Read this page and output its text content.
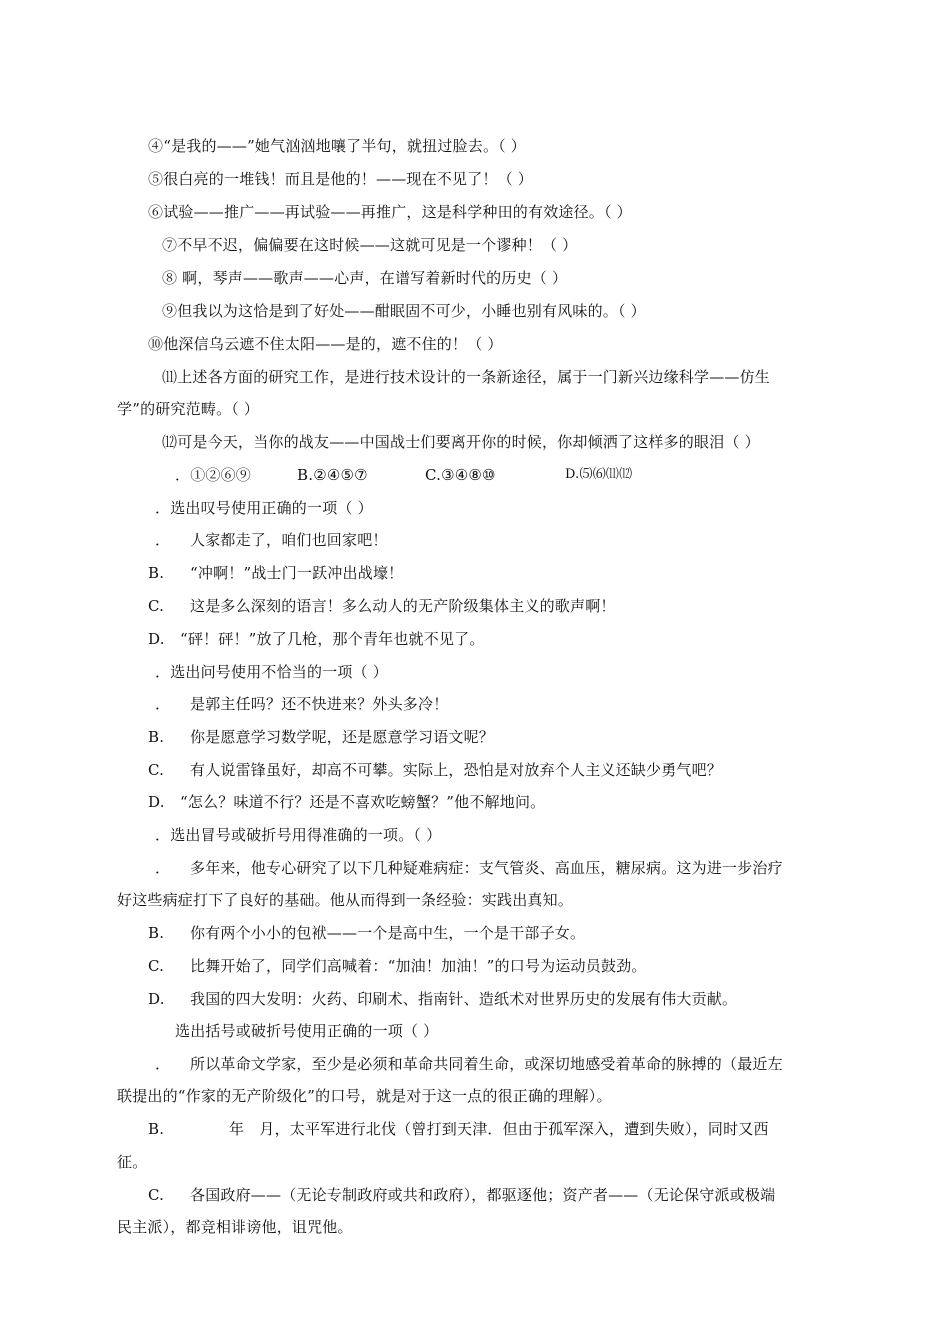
④“是我的——”她气汹汹地嚷了半句，就扭过脸去。（ ）
⑤很白亮的一堆钱！而且是他的！——现在不见了！（ ）
⑥试验——推广——再试验——再推广，这是科学种田的有效途径。（ ）
⑦不早不迟，偏偏要在这时候——这就可见是一个谬种！（ ）
⑧ 啊，琴声——歌声——心声，在谱写着新时代的历史（ ）
⑨但我以为这恰是到了好处——酣眠固不可少，小睡也别有风味的。（ ）
⑩他深信乌云遮不住太阳——是的，遮不住的！（ ）
⑾上述各方面的研究工作，是进行技术设计的一条新途径，属于一门新兴边缘科学——仿生
学”的研究范畴。（ ）
⑿可是今天，当你的战友——中国战士们要离开你的时候，你却倾洒了这样多的眼泪（ ）
．①②⑥⑨	B.②④⑤⑦	C.③④⑧⑩	D.⑸⑹⑾⑿
．选出叹号使用正确的一项（ ）
． 人家都走了，咱们也回家吧！
B. “冲啊！”战士门一跃冲出战壕！
C. 这是多么深刻的语言！多么动人的无产阶级集体主义的歌声啊！
D. “砰！砰！”放了几枪，那个青年也就不见了。
．选出问号使用不恰当的一项（ ）
． 是郭主任吗？还不快进来？外头多冷！
B. 你是愿意学习数学呢，还是愿意学习语文呢？
C. 有人说雷锋虽好，却高不可攀。实际上，恐怕是对放弃个人主义还缺少勇气吧？
D. “怎么？味道不行？还是不喜欢吃螃蟹？”他不解地问。
．选出冒号或破折号用得准确的一项。（ ）
． 多年来，他专心研究了以下几种疑难病症：支气管炎、高血压，糖尿病。这为进一步治疗
好这些病症打下了良好的基础。他从而得到一条经验：实践出真知。
B. 你有两个小小的包袱——一个是高中生，一个是干部子女。
C. 比舞开始了，同学们高喊着：“加油！加油！”的口号为运动员鼓劲。
D. 我国的四大发明：火药、印刷术、指南针、造纸术对世界历史的发展有伟大贡献。
选出括号或破折号使用正确的一项（ ）
． 所以革命文学家，至少是必须和革命共同着生命，或深切地感受着革命的脉搏的（最近左
联提出的“作家的无产阶级化”的口号，就是对于这一点的很正确的理解）。
B.	年　月，太平军进行北伐（曾打到天津．但由于孤军深入，遭到失败），同时又西
征。
C. 各国政府——（无论专制政府或共和政府），都驱逐他；资产者——（无论保守派或极端
民主派），都竞相诽谤他，诅咒他。
